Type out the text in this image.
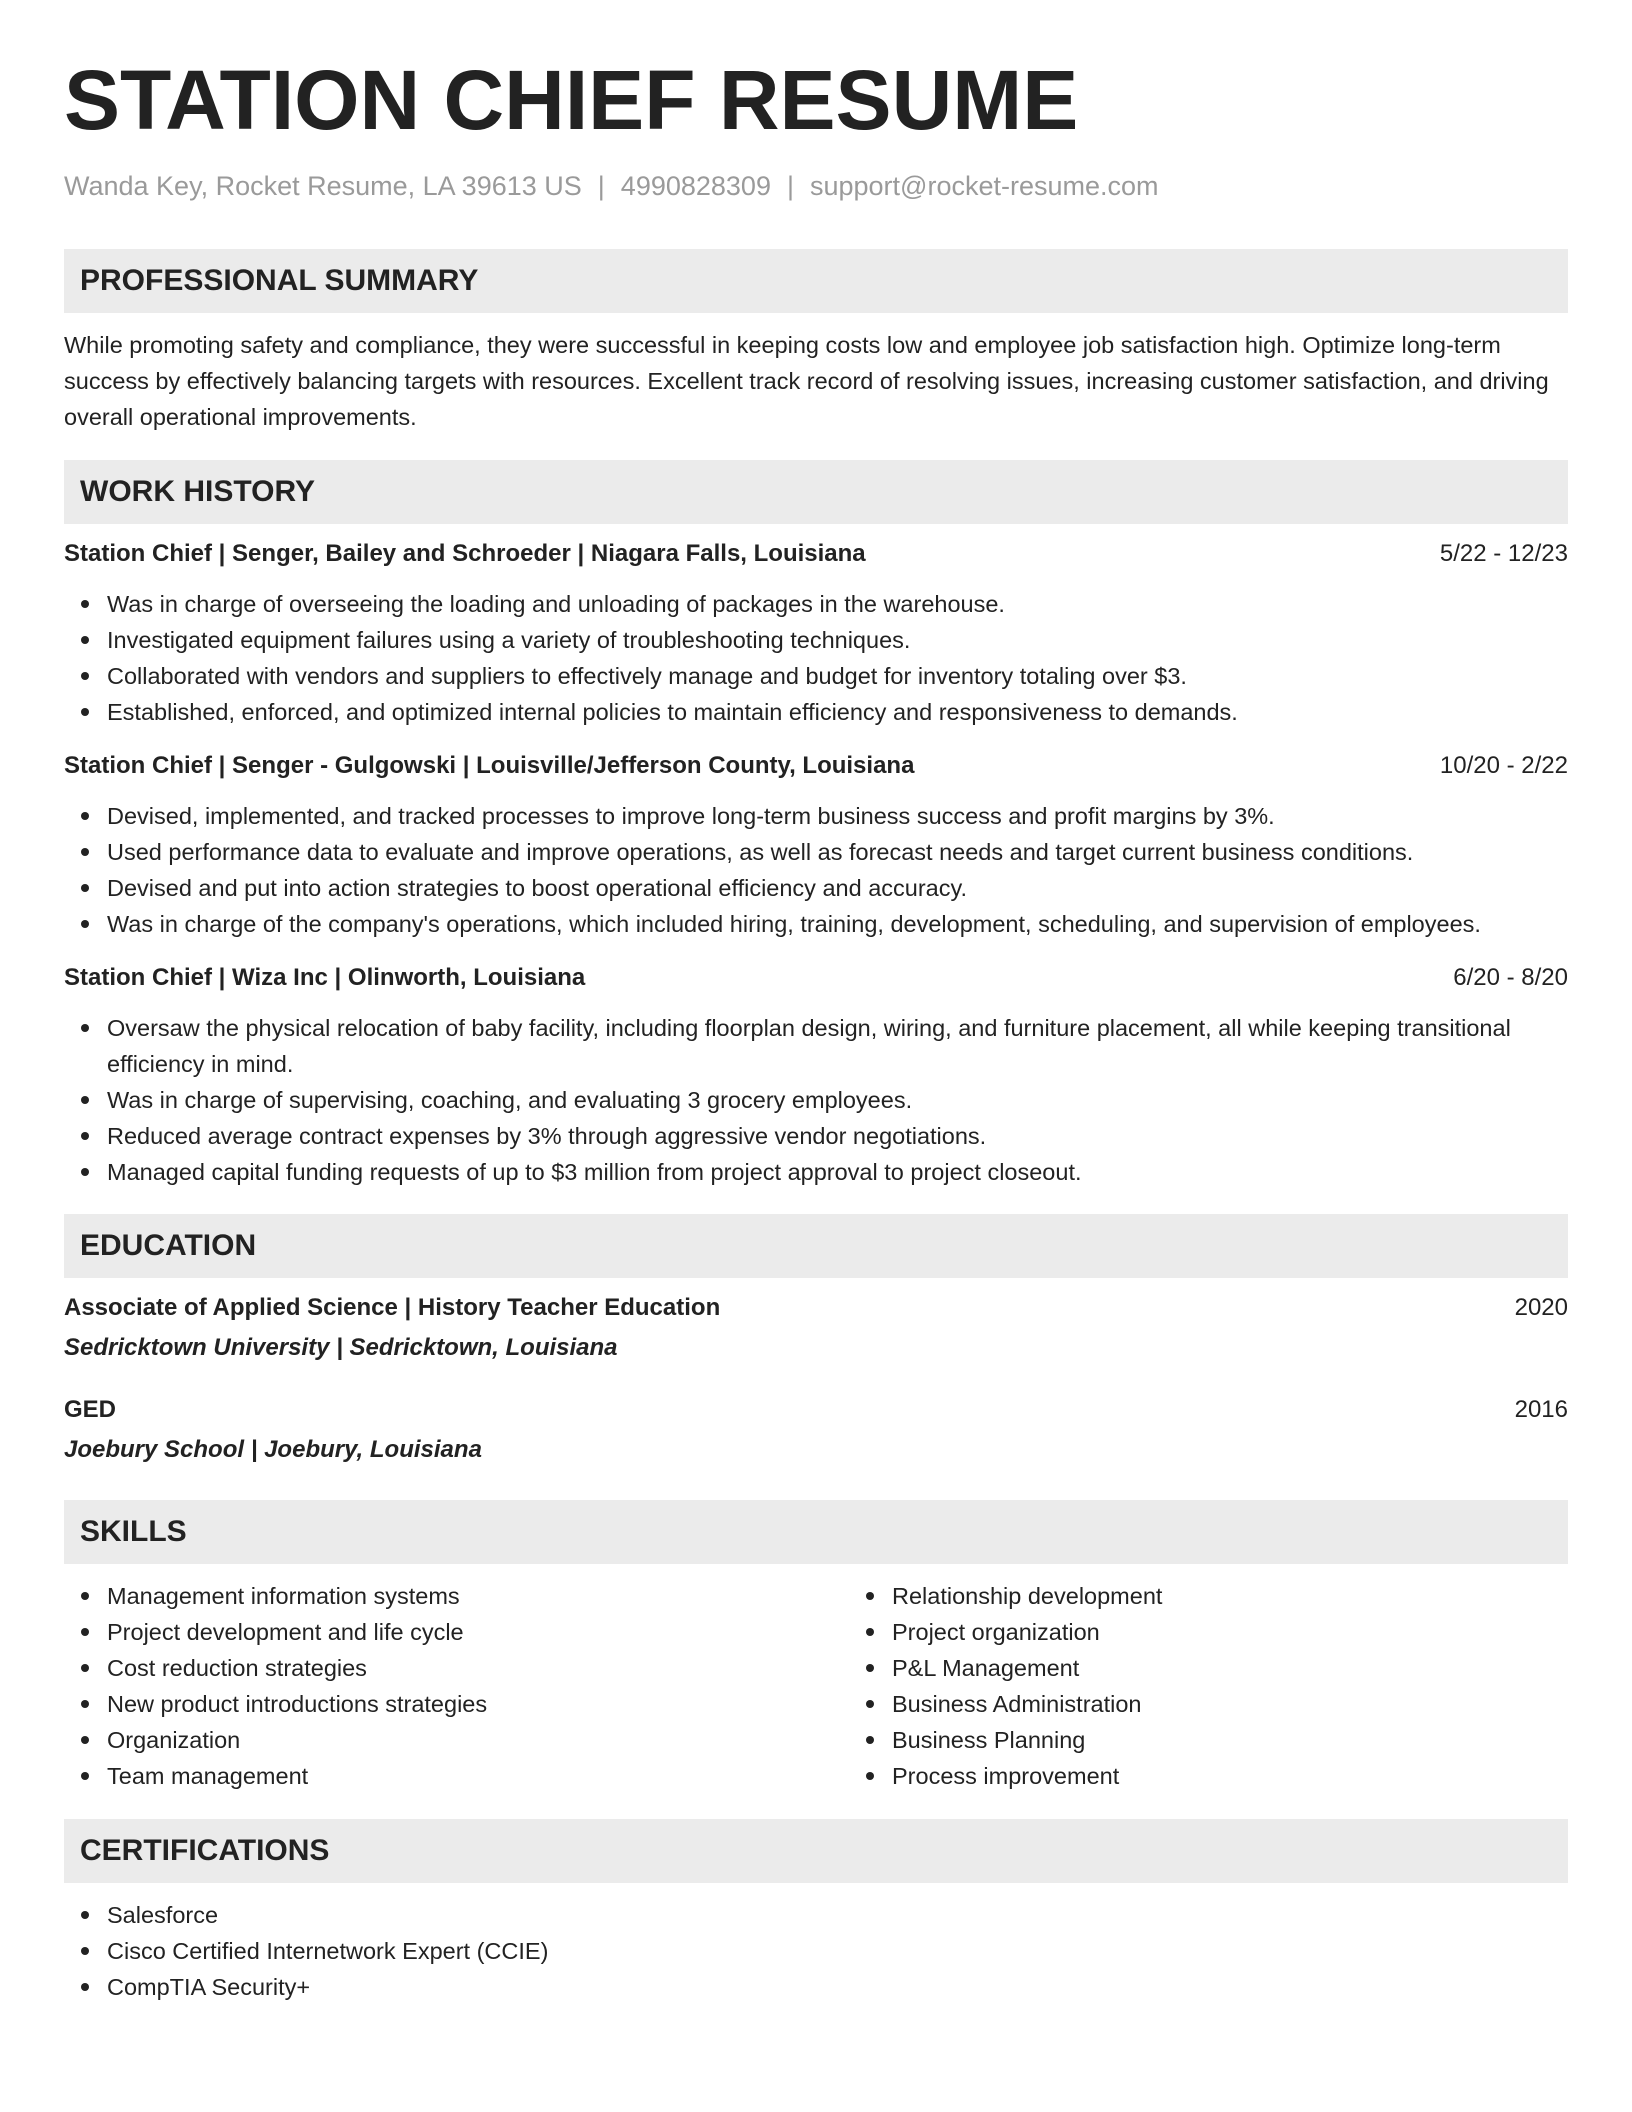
STATION CHIEF RESUME
Wanda Key, Rocket Resume, LA 39613 US | 4990828309 | support@rocket-resume.com
PROFESSIONAL SUMMARY
While promoting safety and compliance, they were successful in keeping costs low and employee job satisfaction high. Optimize long-term success by effectively balancing targets with resources. Excellent track record of resolving issues, increasing customer satisfaction, and driving overall operational improvements.
WORK HISTORY
Station Chief | Senger, Bailey and Schroeder | Niagara Falls, Louisiana	5/22 - 12/23
Was in charge of overseeing the loading and unloading of packages in the warehouse.
Investigated equipment failures using a variety of troubleshooting techniques.
Collaborated with vendors and suppliers to effectively manage and budget for inventory totaling over $3.
Established, enforced, and optimized internal policies to maintain efficiency and responsiveness to demands.
Station Chief | Senger - Gulgowski | Louisville/Jefferson County, Louisiana	10/20 - 2/22
Devised, implemented, and tracked processes to improve long-term business success and profit margins by 3%.
Used performance data to evaluate and improve operations, as well as forecast needs and target current business conditions.
Devised and put into action strategies to boost operational efficiency and accuracy.
Was in charge of the company's operations, which included hiring, training, development, scheduling, and supervision of employees.
Station Chief | Wiza Inc | Olinworth, Louisiana	6/20 - 8/20
Oversaw the physical relocation of baby facility, including floorplan design, wiring, and furniture placement, all while keeping transitional efficiency in mind.
Was in charge of supervising, coaching, and evaluating 3 grocery employees.
Reduced average contract expenses by 3% through aggressive vendor negotiations.
Managed capital funding requests of up to $3 million from project approval to project closeout.
EDUCATION
Associate of Applied Science | History Teacher Education	2020
Sedricktown University | Sedricktown, Louisiana
GED	2016
Joebury School | Joebury, Louisiana
SKILLS
Management information systems
Project development and life cycle
Cost reduction strategies
New product introductions strategies
Organization
Team management
Relationship development
Project organization
P&L Management
Business Administration
Business Planning
Process improvement
CERTIFICATIONS
Salesforce
Cisco Certified Internetwork Expert (CCIE)
CompTIA Security+
